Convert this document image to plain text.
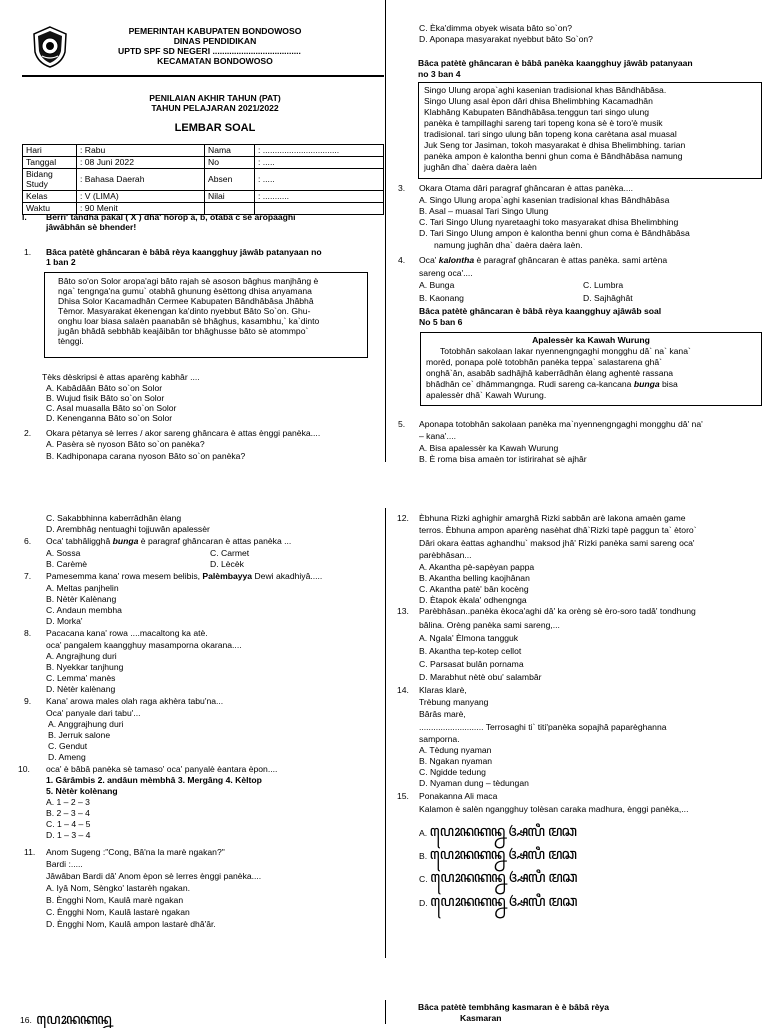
PEMERINTAH KABUPATEN BONDOWOSO
DINAS PENDIDIKAN
UPTD SPF SD NEGERI .....................................
KECAMATAN BONDOWOSO
PENILAIAN AKHIR TAHUN (PAT)
TAHUN PELAJARAN 2021/2022
LEMBAR SOAL
Hari	: Rabu	Nama	: ................................
Tanggal	: 08 Juni 2022	No	: .....
Bidang Study	: Bahasa Daerah	Absen	: .....
Kelas	: V (LIMA)	Nilai	: ...........
Waktu	: 90 Menit		
I. Berri' tandhâ pakal ( X ) dhâ' horop a, b, otabâ c sè aropaaghi
jâwâbhân sè bhender!
1. Bâca patètè ghâncaran è bâbâ rèya kaangghuy jâwâb patanyaan no
1 ban 2
Bâto so'on Solor aropa'agi bâto rajah sè asoson bâghus manjhâng è
nga` tengnga'na gumu` otabhâ ghunung èsèttong dhisa anyamana
Dhisa Solor Kacamadhân Cermee Kabupaten Bândhâbâsa Jhâbhâ
Tèmor. Masyarakat èkenengan ka'dinto nyebbut Bâto So`on. Ghu-
onghu loar biasa salaèn paanabân sè bhâghus, kasambhu,` ka`dinto
jugân bhâdâ sebbhâb keajâibân tor bhâghusse bâto sè atommpo`
tènggi.
Tèks dèskripsi è attas aparèng kabhâr ....
A. Kabâdâân Bâto so`on Solor
B. Wujud fisik Bâto so`on Solor
C. Asal muasalla Bâto so`on Solor
D. Kenenganna Bâto so`on Solor
2. Okara pètanya sè lerres / akor sareng ghâncara è attas ènggi panèka....
A. Pasèra sè nyoson Bâto so`on panèka?
B. Kadhiponapa carana nyoson Bâto so`on panèka?
C. Èka'dimma obyek wisata bâto so`on?
D. Aponapa masyarakat nyebbut bâto So`on?
Bâca patètè ghâncaran è bâbâ panèka kaangghuy jâwâb patanyaan
no 3 ban 4
Singo Ulung aropa`aghi kasenian tradisional khas Bândhâbâsa.
Singo Ulung asal èpon dâri dhisa Bhelimbhing Kacamadhân
Klabhâng Kabupaten Bândhâbâsa.tenggun tari singo ulung
panèka è tampillaghi sareng tari topeng kona sè è toro'è musik
tradisional. tari singo ulung bân topeng kona carètana asal muasal
Juk Seng tor Jasiman, tokoh masyarakat è dhisa Bhelimbhing. tarian
panèka ampon è kalontha benni ghun coma è Bândhâbâsa namung
jughân dha` daèra daèra laèn
3. Okara Otama dâri paragraf ghâncaran è attas panèka....
A. Singo Ulung aropa`aghi kasenian tradisional khas Bândhâbâsa
B. Asal – muasal Tari Singo Ulung
C. Tari Singo Ulung nyaretaaghi toko masyarakat dhisa Bhelimbhing
D. Tari Singo Ulung ampon è kalontha benni ghun coma è Bândhâbâsa
namung jughân dha` daèra daèra laèn.
4. Oca' kalontha è paragraf ghâncaran è attas panèka. sami artèna
sareng oca'....
A. Bunga	C. Lumbra
B. Kaonang	D. Sajhâghât
Bâca patètè ghâncaran è bâbâ rèya kaangghuy ajâwâb soal
No 5 ban 6
Apalessèr ka Kawah Wurung
Totobhân sakolaan lakar nyennengngaghi mongghu dâ` na` kana`
morèd, ponapa polè totobhân panèka teppa` salastarena ghâ`
onghâ`ân, asabâb sadhâjhâ kaberrâdhân èlang aghentè rassana
bhâdhân ce` dhâmmangnga. Rudi sareng ca-kancana bunga bisa
apalessèr dhâ` Kawah Wurung.
5. Aponapa totobhân sakolaan panèka ma`nyennengngaghi mongghu dâ' na'
– kana'....
A. Bisa apalessèr ka Kawah Wurung
B. È roma bisa amaèn tor istirirahat sè ajhâr
C. Sakabbhinna kaberrâdhân èlang
D. Arembhâg nentuaghi tojjuwân apalessèr
6. Oca' tabhâligghâ bunga è paragraf ghâncaran è attas panèka ...
A. Sossa	C. Carmet
B. Carèmè	D. Lècèk
7. Pamesemma kana' rowa mesem belibis, Palèmbayya Dewi akadhiyâ.....
A. Meltas panjhelin
B. Nètèr Kalènang
C. Andaun membha
D. Morka'
8. Pacacana kana' rowa ....macaltong ka atè.
oca' pangalem kaangghuy masamporna okarana....
A. Angrajhung duri
B. Nyekkar tanjhung
C. Lemma' manès
D. Nètèr kalènang
9. Kana' arowa males olah raga akhèra tabu'na...
Oca' panyale dari tabu'...
A. Anggrajhung duri
B. Jerruk salone
C. Gendut
D. Ameng
10. oca' è bâbâ panèka sè tamaso' oca' panyalè èantara èpon....
1. Gârâmbis 2. andâun mèmbhâ 3. Mergâng 4. Kèltop
5. Nètèr kolènang
A. 1 – 2 – 3
B. 2 – 3 – 4
C. 1 – 4 – 5
D. 1 – 3 – 4
11. Anom Sugeng :"Cong, Bâ'na la marè ngakan?"
Bardi :.....
Jâwâban Bardi dâ' Anom èpon sè lerres ènggi panèka....
A. Iyâ Nom, Sèngko' lastarèh ngakan.
B. Èngghi Nom, Kaulâ marè ngakan
C. Èngghi Nom, Kaulâ lastarè ngakan
D. Èngghi Nom, Kaulâ ampon lastarè dhâ'âr.
12. Èbhuna Rizki aghighir amarghâ Rizki sabbân arè lakona amaèn game
terros. Èbhuna ampon aparèng nasèhat dhâ`Rizki tapè paggun ta` ètoro`
Dâri okara èattas aghandhu` maksod jhâ' Rizki panèka sami sareng oca'
parèbhâsan...
A. Akantha pè-sapèyan pappa
B. Akantha belling kaojhânan
C. Akantha patè' bân kocèng
D. Ètapok èkala' odhengnga
13. Parèbhâsan..panèka èkoca'aghi dâ' ka orèng sè èro-soro tadâ' tondhung
bâlina. Orèng panèka sami sareng,...
A. Ngala' Èlmona tangguk
B. Akantha tep-kotep cellot
C. Parsasat bulân pornama
D. Marabhut nètè obu' salambâr
14. Klaras klarè,
Trèbung manyang
Bârâs marè,
........................... Terrosaghi ti` titi'panèka sopajhâ paparèghanna
samporna.
A. Tèdung nyaman
B. Ngakan nyaman
C. Ngidde tedung
D. Nyaman dung – tèdungan
15. Ponakanna Ali maca
Kalamon è salèn ngangghuy tolèsan caraka madhura, ènggi panèka,...
A. ꦥꦺꦴꦤꦏꦤ꧀ꦤ ꦄꦭꦶ ꦩꦕ
B. ꦥꦺꦴꦤꦏꦤ꧀ꦤ ꦄꦭꦶ ꦩꦕ
C. ꦥꦺꦴꦤꦏꦤ꧀ꦤ ꦄꦭꦶ ꦩꦕ
D. ꦥꦺꦴꦤꦏꦤ꧀ꦤ ꦄꦭꦶ ꦩꦕ
16. ꦥꦺꦴꦤꦏꦤ꧀ꦤ
Bâca patètè tembhâng kasmaran è è bâbâ rèya
Kasmaran
